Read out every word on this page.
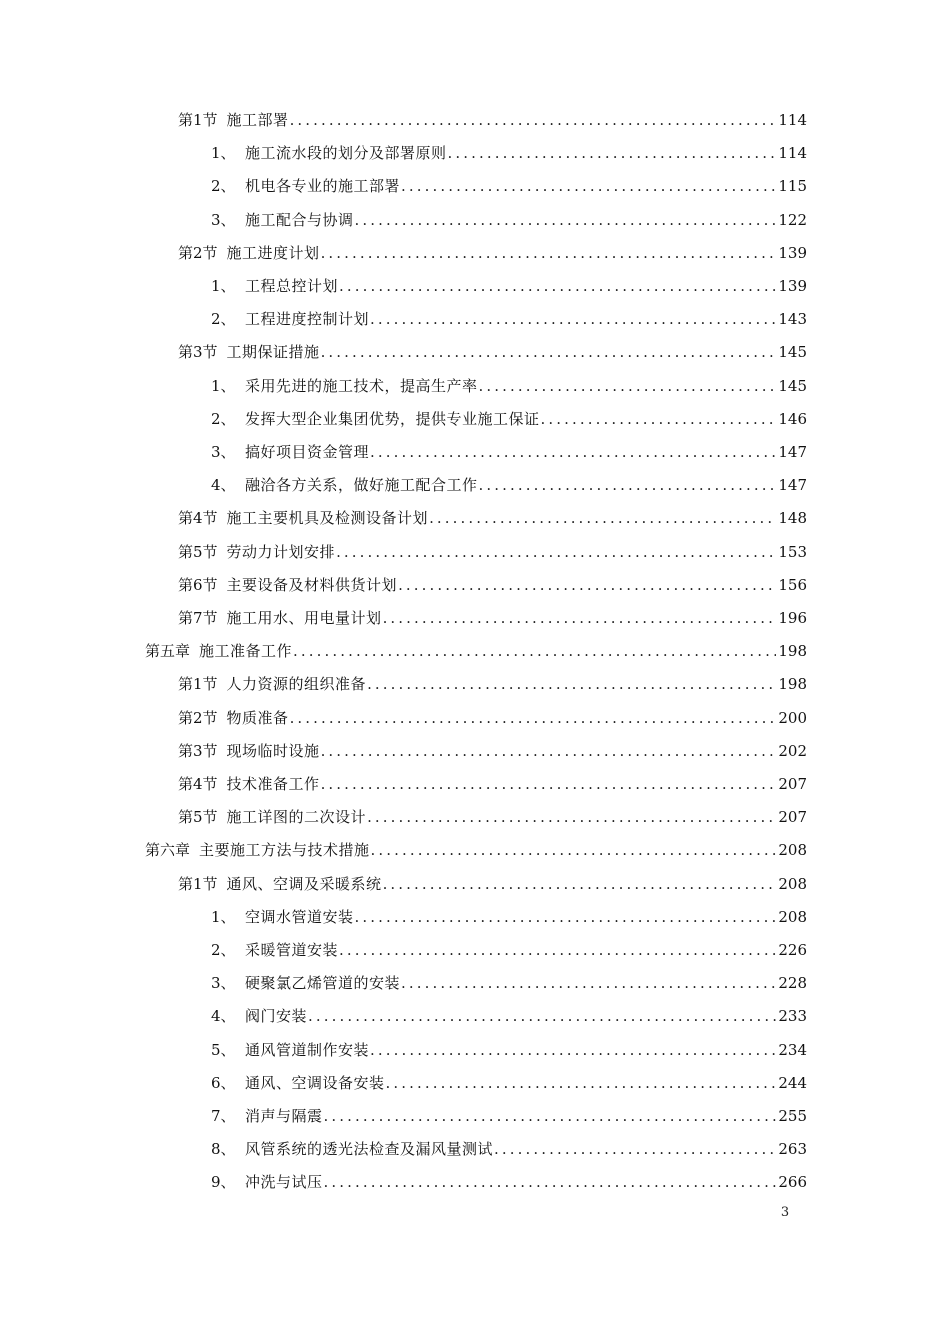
第1节 施工部署 .....	114
1、 施工流水段的划分及部署原则 .....	114
2、 机电各专业的施工部署 .....	115
3、 施工配合与协调 .....	122
第2节 施工进度计划 .....	139
1、 工程总控计划 .....	139
2、 工程进度控制计划 .....	143
第3节 工期保证措施 .....	145
1、 采用先进的施工技术，提高生产率 .....	145
2、 发挥大型企业集团优势，提供专业施工保证 .....	146
3、 搞好项目资金管理 .....	147
4、 融洽各方关系，做好施工配合工作 .....	147
第4节 施工主要机具及检测设备计划 .....	148
第5节 劳动力计划安排 .....	153
第6节 主要设备及材料供货计划 .....	156
第7节 施工用水、用电量计划 .....	196
第五章 施工准备工作 .....	198
第1节 人力资源的组织准备 .....	198
第2节 物质准备 .....	200
第3节 现场临时设施 .....	202
第4节 技术准备工作 .....	207
第5节 施工详图的二次设计 .....	207
第六章 主要施工方法与技术措施 .....	208
第1节 通风、空调及采暖系统 .....	208
1、 空调水管道安装 .....	208
2、 采暖管道安装 .....	226
3、 硬聚氯乙烯管道的安装 .....	228
4、 阀门安装 .....	233
5、 通风管道制作安装 .....	234
6、 通风、空调设备安装 .....	244
7、 消声与隔震 .....	255
8、 风管系统的透光法检查及漏风量测试 .....	263
9、 冲洗与试压 .....	266
3
